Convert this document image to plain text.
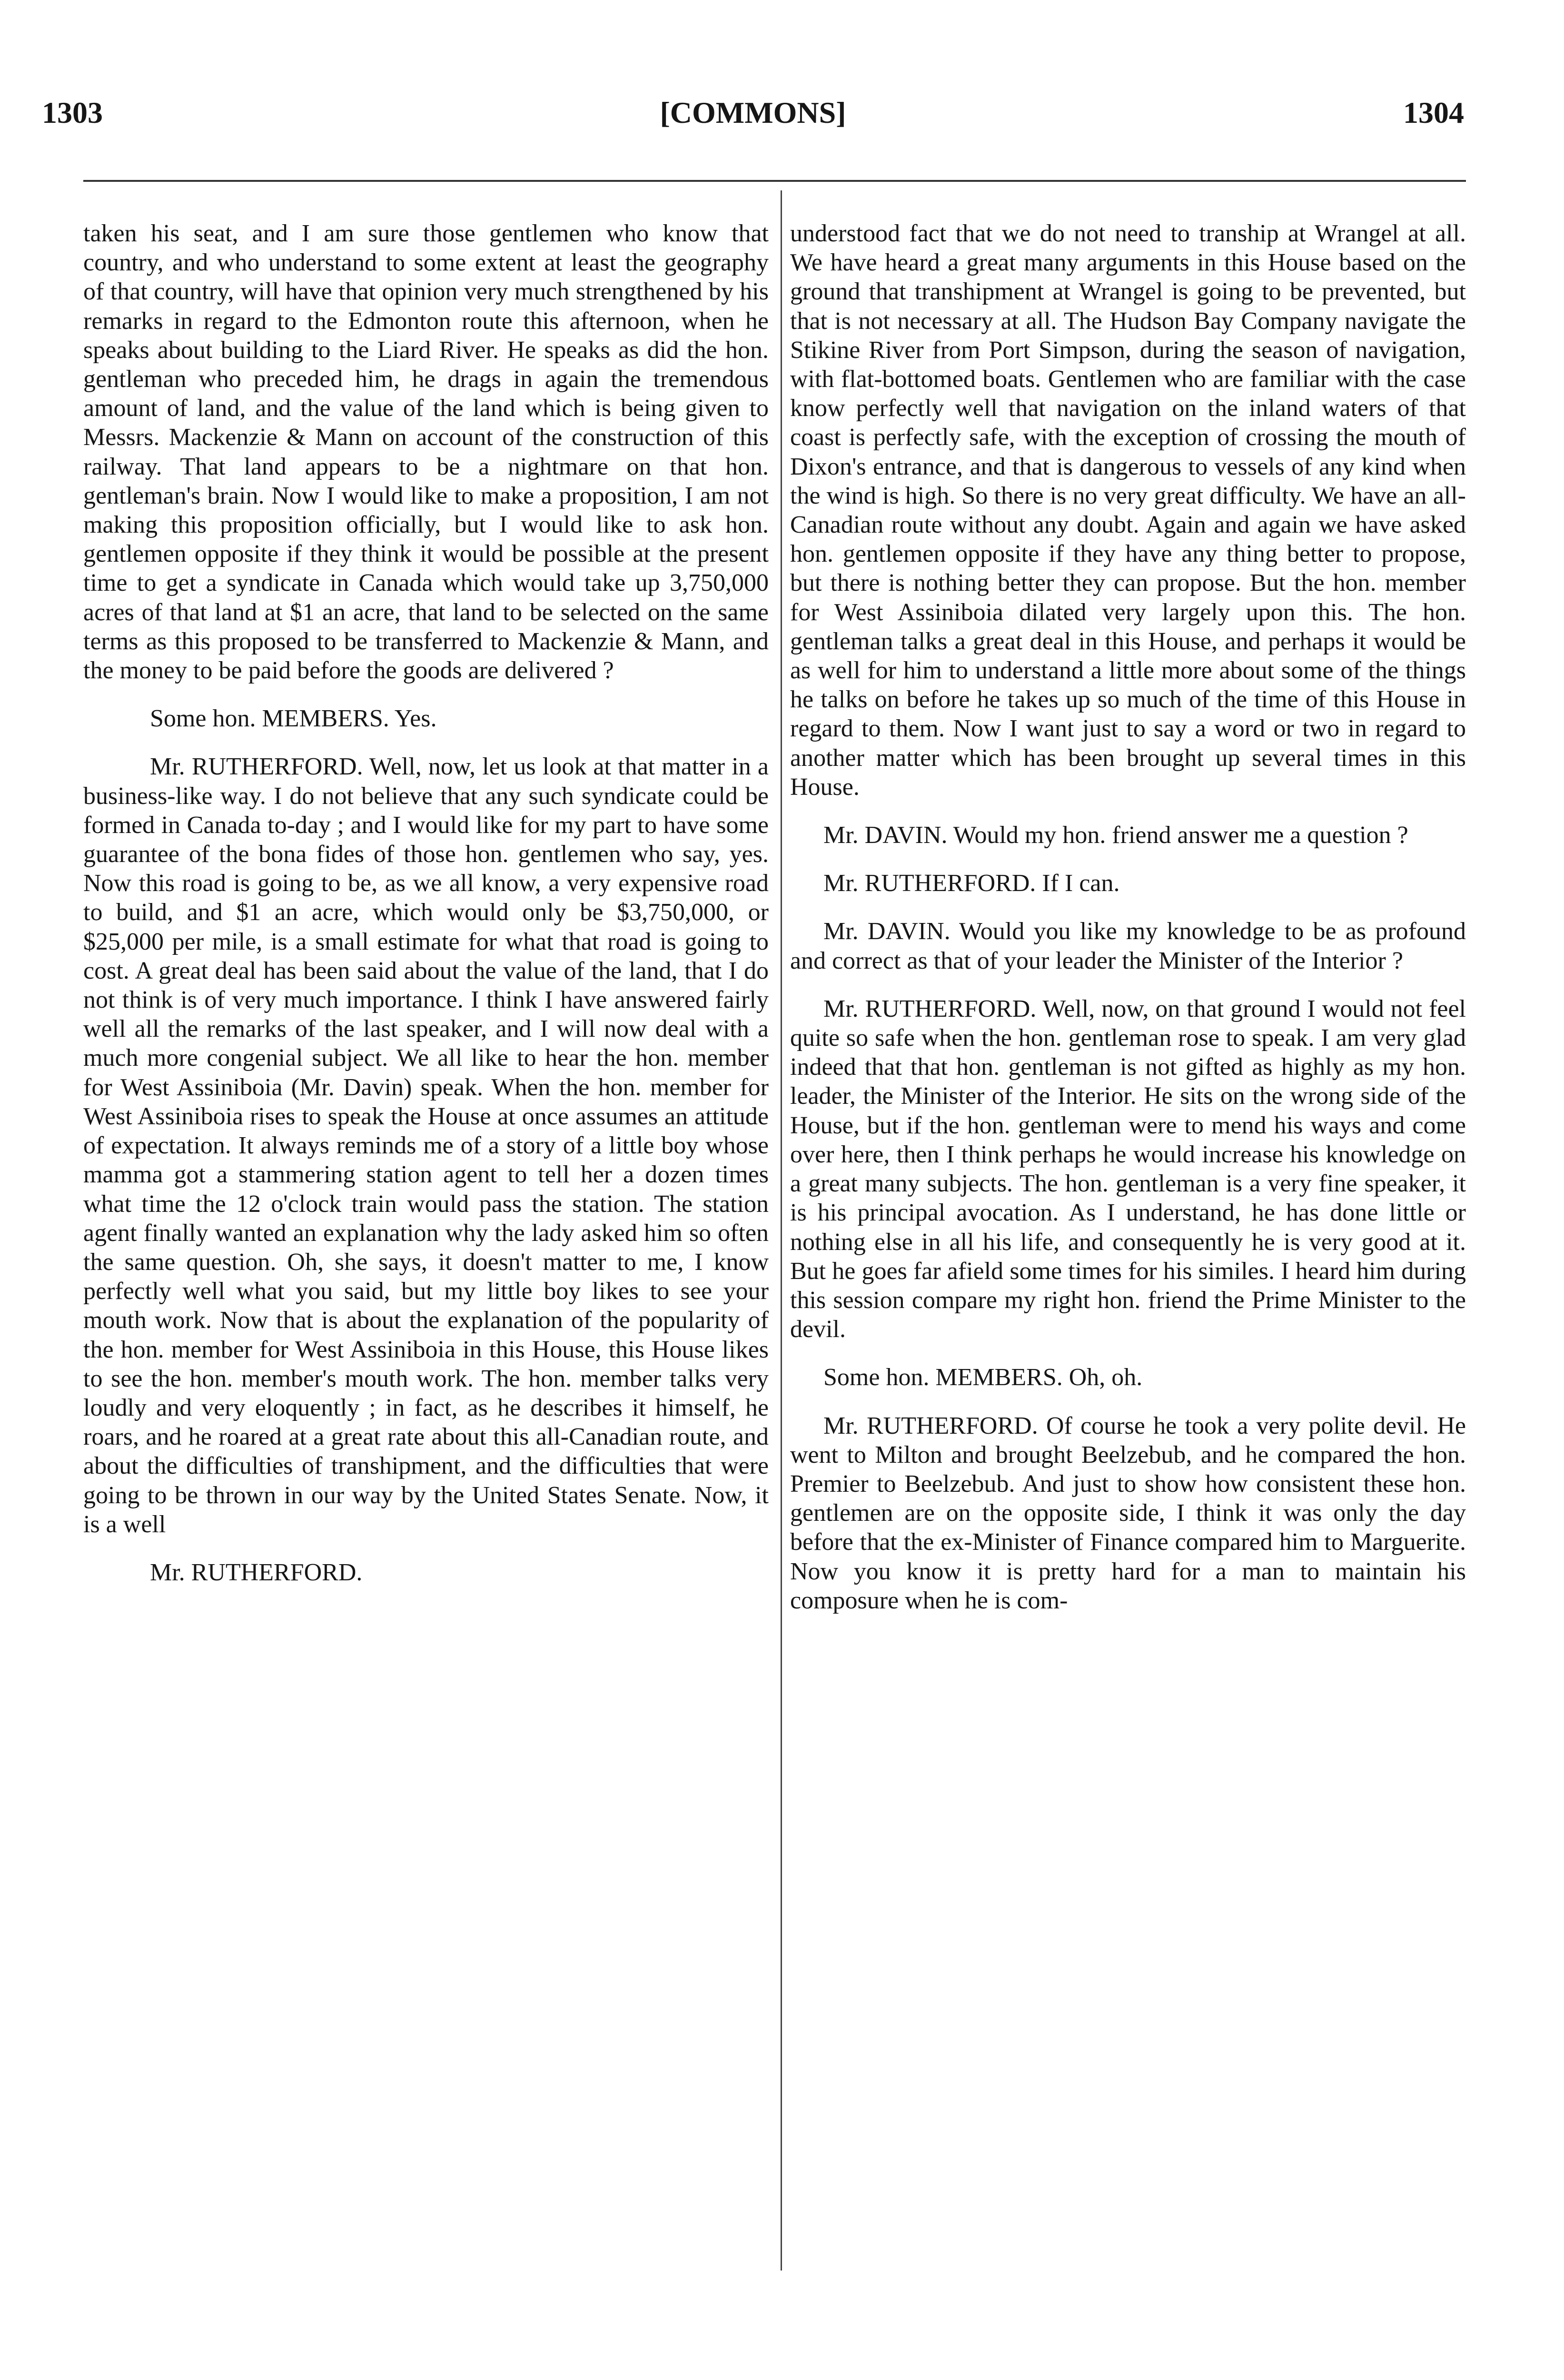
1303	[COMMONS]	1304

taken his seat, and I am sure those gentlemen who know that country, and who understand to some extent at least the geography of that country, will have that opinion very much strengthened by his remarks in regard to the Edmonton route this afternoon, when he speaks about building to the Liard River. He speaks as did the hon. gentleman who preceded him, he drags in again the tremendous amount of land, and the value of the land which is being given to Messrs. Mackenzie & Mann on account of the construction of this railway. That land appears to be a nightmare on that hon. gentleman's brain. Now I would like to make a proposition, I am not making this proposition officially, but I would like to ask hon. gentlemen opposite if they think it would be possible at the present time to get a syndicate in Canada which would take up 3,750,000 acres of that land at $1 an acre, that land to be selected on the same terms as this proposed to be transferred to Mackenzie & Mann, and the money to be paid before the goods are delivered ?

Some hon. MEMBERS. Yes.

Mr. RUTHERFORD. Well, now, let us look at that matter in a business-like way. I do not believe that any such syndicate could be formed in Canada to-day ; and I would like for my part to have some guarantee of the bona fides of those hon. gentlemen who say, yes. Now this road is going to be, as we all know, a very expensive road to build, and $1 an acre, which would only be $3,750,000, or $25,000 per mile, is a small estimate for what that road is going to cost. A great deal has been said about the value of the land, that I do not think is of very much importance. I think I have answered fairly well all the remarks of the last speaker, and I will now deal with a much more congenial subject. We all like to hear the hon. member for West Assiniboia (Mr. Davin) speak. When the hon. member for West Assiniboia rises to speak the House at once assumes an attitude of expectation. It always reminds me of a story of a little boy whose mamma got a stammering station agent to tell her a dozen times what time the 12 o'clock train would pass the station. The station agent finally wanted an explanation why the lady asked him so often the same question. Oh, she says, it doesn't matter to me, I know perfectly well what you said, but my little boy likes to see your mouth work. Now that is about the explanation of the popularity of the hon. member for West Assiniboia in this House, this House likes to see the hon. member's mouth work. The hon. member talks very loudly and very eloquently ; in fact, as he describes it himself, he roars, and he roared at a great rate about this all-Canadian route, and about the difficulties of transhipment, and the difficulties that were going to be thrown in our way by the United States Senate. Now, it is a well

Mr. RUTHERFORD.

understood fact that we do not need to tranship at Wrangel at all. We have heard a great many arguments in this House based on the ground that transhipment at Wrangel is going to be prevented, but that is not necessary at all. The Hudson Bay Company navigate the Stikine River from Port Simpson, during the season of navigation, with flat-bottomed boats. Gentlemen who are familiar with the case know perfectly well that navigation on the inland waters of that coast is perfectly safe, with the exception of crossing the mouth of Dixon's entrance, and that is dangerous to vessels of any kind when the wind is high. So there is no very great difficulty. We have an all-Canadian route without any doubt. Again and again we have asked hon. gentlemen opposite if they have any thing better to propose, but there is nothing better they can propose. But the hon. member for West Assiniboia dilated very largely upon this. The hon. gentleman talks a great deal in this House, and perhaps it would be as well for him to understand a little more about some of the things he talks on before he takes up so much of the time of this House in regard to them. Now I want just to say a word or two in regard to another matter which has been brought up several times in this House.

Mr. DAVIN. Would my hon. friend answer me a question ?

Mr. RUTHERFORD. If I can.

Mr. DAVIN. Would you like my knowledge to be as profound and correct as that of your leader the Minister of the Interior ?

Mr. RUTHERFORD. Well, now, on that ground I would not feel quite so safe when the hon. gentleman rose to speak. I am very glad indeed that that hon. gentleman is not gifted as highly as my hon. leader, the Minister of the Interior. He sits on the wrong side of the House, but if the hon. gentleman were to mend his ways and come over here, then I think perhaps he would increase his knowledge on a great many subjects. The hon. gentleman is a very fine speaker, it is his principal avocation. As I understand, he has done little or nothing else in all his life, and consequently he is very good at it. But he goes far afield some times for his similes. I heard him during this session compare my right hon. friend the Prime Minister to the devil.

Some hon. MEMBERS. Oh, oh.

Mr. RUTHERFORD. Of course he took a very polite devil. He went to Milton and brought Beelzebub, and he compared the hon. Premier to Beelzebub. And just to show how consistent these hon. gentlemen are on the opposite side, I think it was only the day before that the ex-Minister of Finance compared him to Marguerite. Now you know it is pretty hard for a man to maintain his composure when he is com-
